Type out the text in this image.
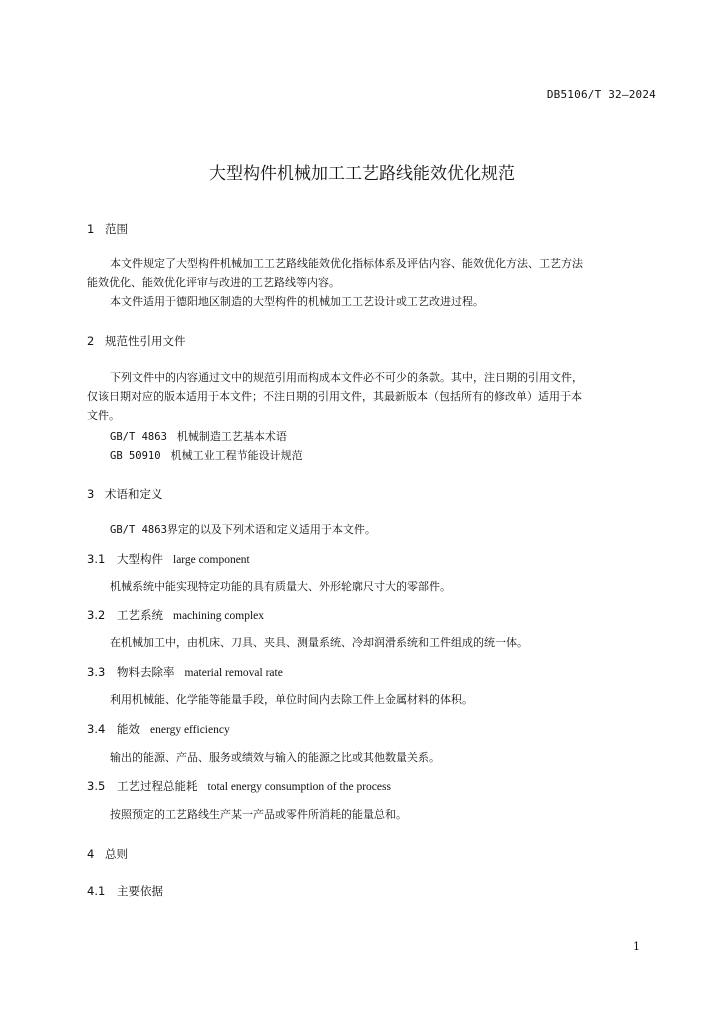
DB5106/T 32—2024
大型构件机械加工工艺路线能效优化规范
1 范围
本文件规定了大型构件机械加工工艺路线能效优化指标体系及评估内容、能效优化方法、工艺方法
能效优化、能效优化评审与改进的工艺路线等内容。
本文件适用于德阳地区制造的大型构件的机械加工工艺设计或工艺改进过程。
2 规范性引用文件
下列文件中的内容通过文中的规范引用而构成本文件必不可少的条款。其中，注日期的引用文件，
仅该日期对应的版本适用于本文件；不注日期的引用文件，其最新版本（包括所有的修改单）适用于本
文件。
GB/T 4863 机械制造工艺基本术语
GB 50910 机械工业工程节能设计规范
3 术语和定义
GB/T 4863界定的以及下列术语和定义适用于本文件。
3.1 大型构件 large component
机械系统中能实现特定功能的具有质量大、外形轮廓尺寸大的零部件。
3.2 工艺系统 machining complex
在机械加工中，由机床、刀具、夹具、测量系统、冷却润滑系统和工件组成的统一体。
3.3 物料去除率 material removal rate
利用机械能、化学能等能量手段，单位时间内去除工件上金属材料的体积。
3.4 能效 energy efficiency
输出的能源、产品、服务或绩效与输入的能源之比或其他数量关系。
3.5 工艺过程总能耗 total energy consumption of the process
按照预定的工艺路线生产某一产品或零件所消耗的能量总和。
4 总则
4.1 主要依据
1
